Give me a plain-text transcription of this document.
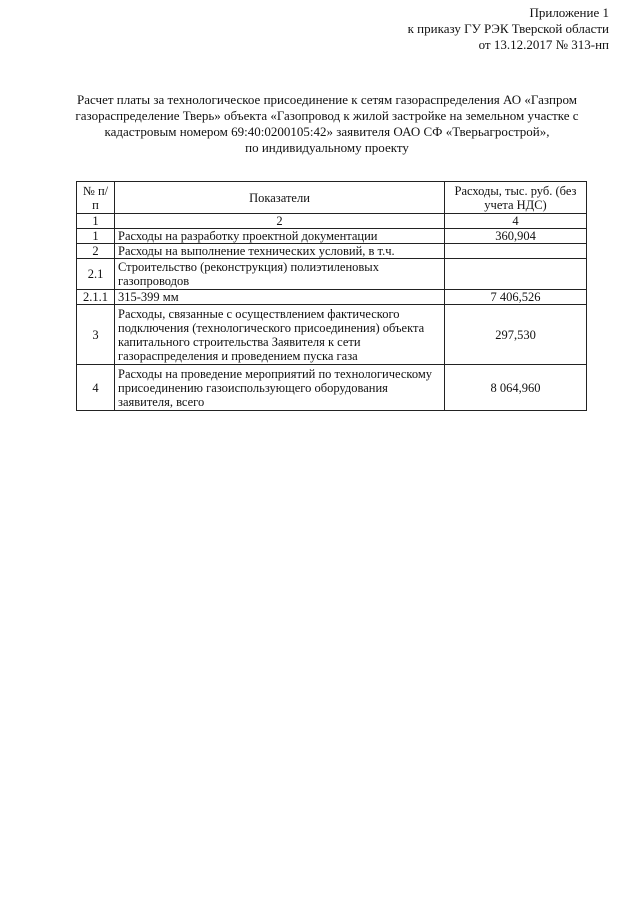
Приложение 1
к приказу ГУ РЭК Тверской области
от 13.12.2017 № 313-нп
Расчет платы за технологическое присоединение к сетям газораспределения АО «Газпром
газораспределение Тверь» объекта «Газопровод к жилой застройке на земельном участке с
кадастровым номером 69:40:0200105:42» заявителя ОАО СФ «Тверьагрострой»,
по индивидуальному проекту
№ п/п	Показатели	Расходы, тыс. руб. (без учета НДС)
1	2	4
1	Расходы на разработку проектной документации	360,904
2	Расходы на выполнение технических условий, в т.ч.	
2.1	Строительство (реконструкция) полиэтиленовых газопроводов	
2.1.1	315-399 мм	7 406,526
3	Расходы, связанные с осуществлением фактического подключения (технологического присоединения) объекта капитального строительства Заявителя к сети газораспределения и проведением пуска газа	297,530
4	Расходы на проведение мероприятий по технологическому присоединению газоиспользующего оборудования заявителя, всего	8 064,960
